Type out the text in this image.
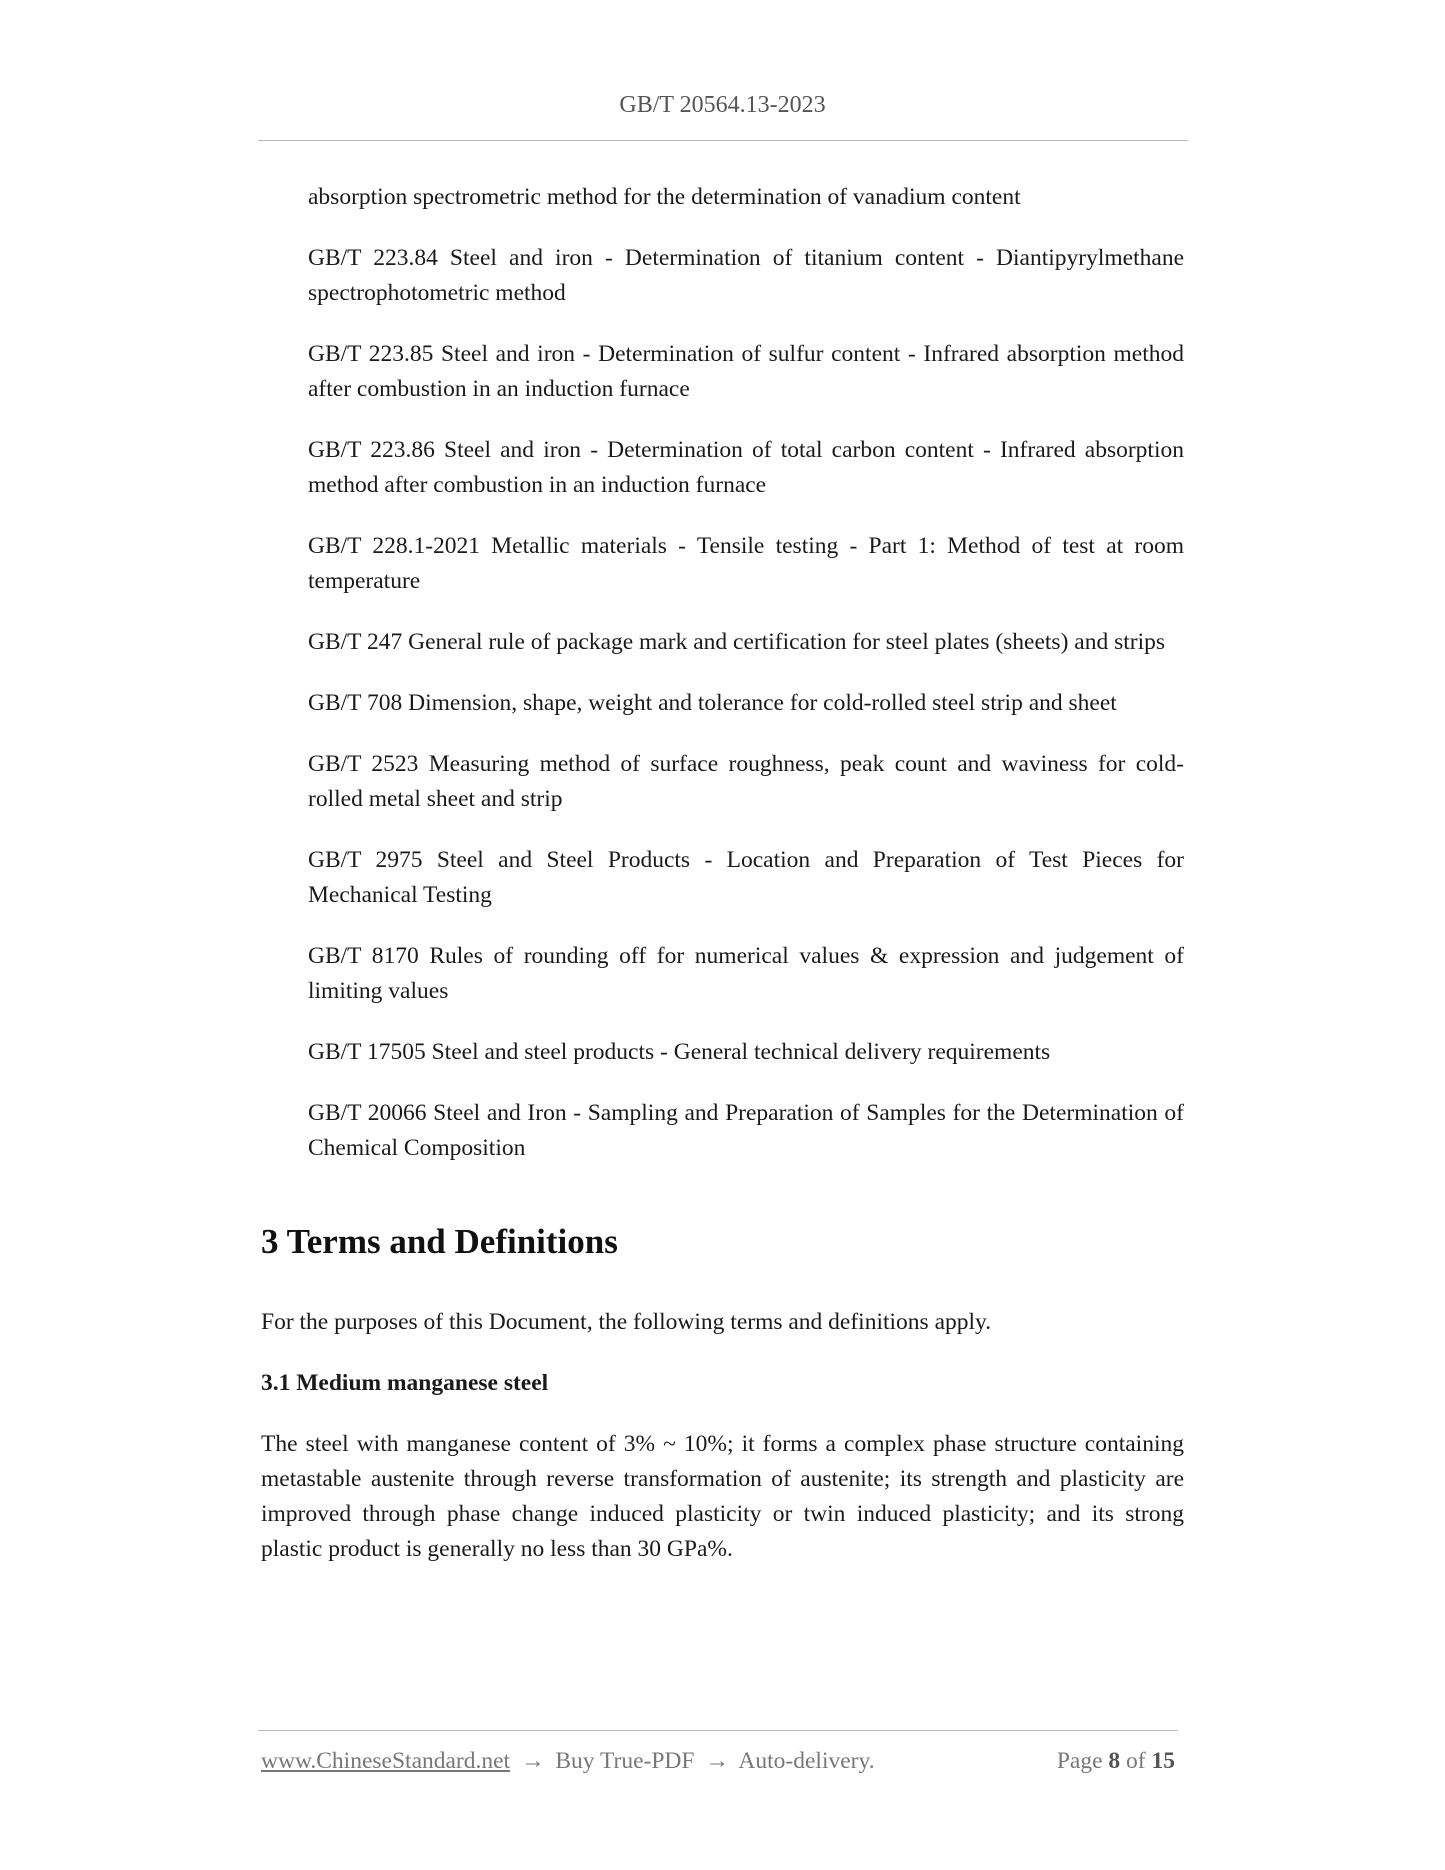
GB/T 20564.13-2023

absorption spectrometric method for the determination of vanadium content

GB/T 223.84 Steel and iron - Determination of titanium content - Diantipyrylmethane spectrophotometric method

GB/T 223.85 Steel and iron - Determination of sulfur content - Infrared absorption method after combustion in an induction furnace

GB/T 223.86 Steel and iron - Determination of total carbon content - Infrared absorption method after combustion in an induction furnace

GB/T 228.1-2021 Metallic materials - Tensile testing - Part 1: Method of test at room temperature

GB/T 247 General rule of package mark and certification for steel plates (sheets) and strips

GB/T 708 Dimension, shape, weight and tolerance for cold-rolled steel strip and sheet

GB/T 2523 Measuring method of surface roughness, peak count and waviness for cold-rolled metal sheet and strip

GB/T 2975 Steel and Steel Products - Location and Preparation of Test Pieces for Mechanical Testing

GB/T 8170 Rules of rounding off for numerical values & expression and judgement of limiting values

GB/T 17505 Steel and steel products - General technical delivery requirements

GB/T 20066 Steel and Iron - Sampling and Preparation of Samples for the Determination of Chemical Composition

3 Terms and Definitions

For the purposes of this Document, the following terms and definitions apply.

3.1 Medium manganese steel

The steel with manganese content of 3% ~ 10%; it forms a complex phase structure containing metastable austenite through reverse transformation of austenite; its strength and plasticity are improved through phase change induced plasticity or twin induced plasticity; and its strong plastic product is generally no less than 30 GPa%.

www.ChineseStandard.net → Buy True-PDF → Auto-delivery.	Page 8 of 15
